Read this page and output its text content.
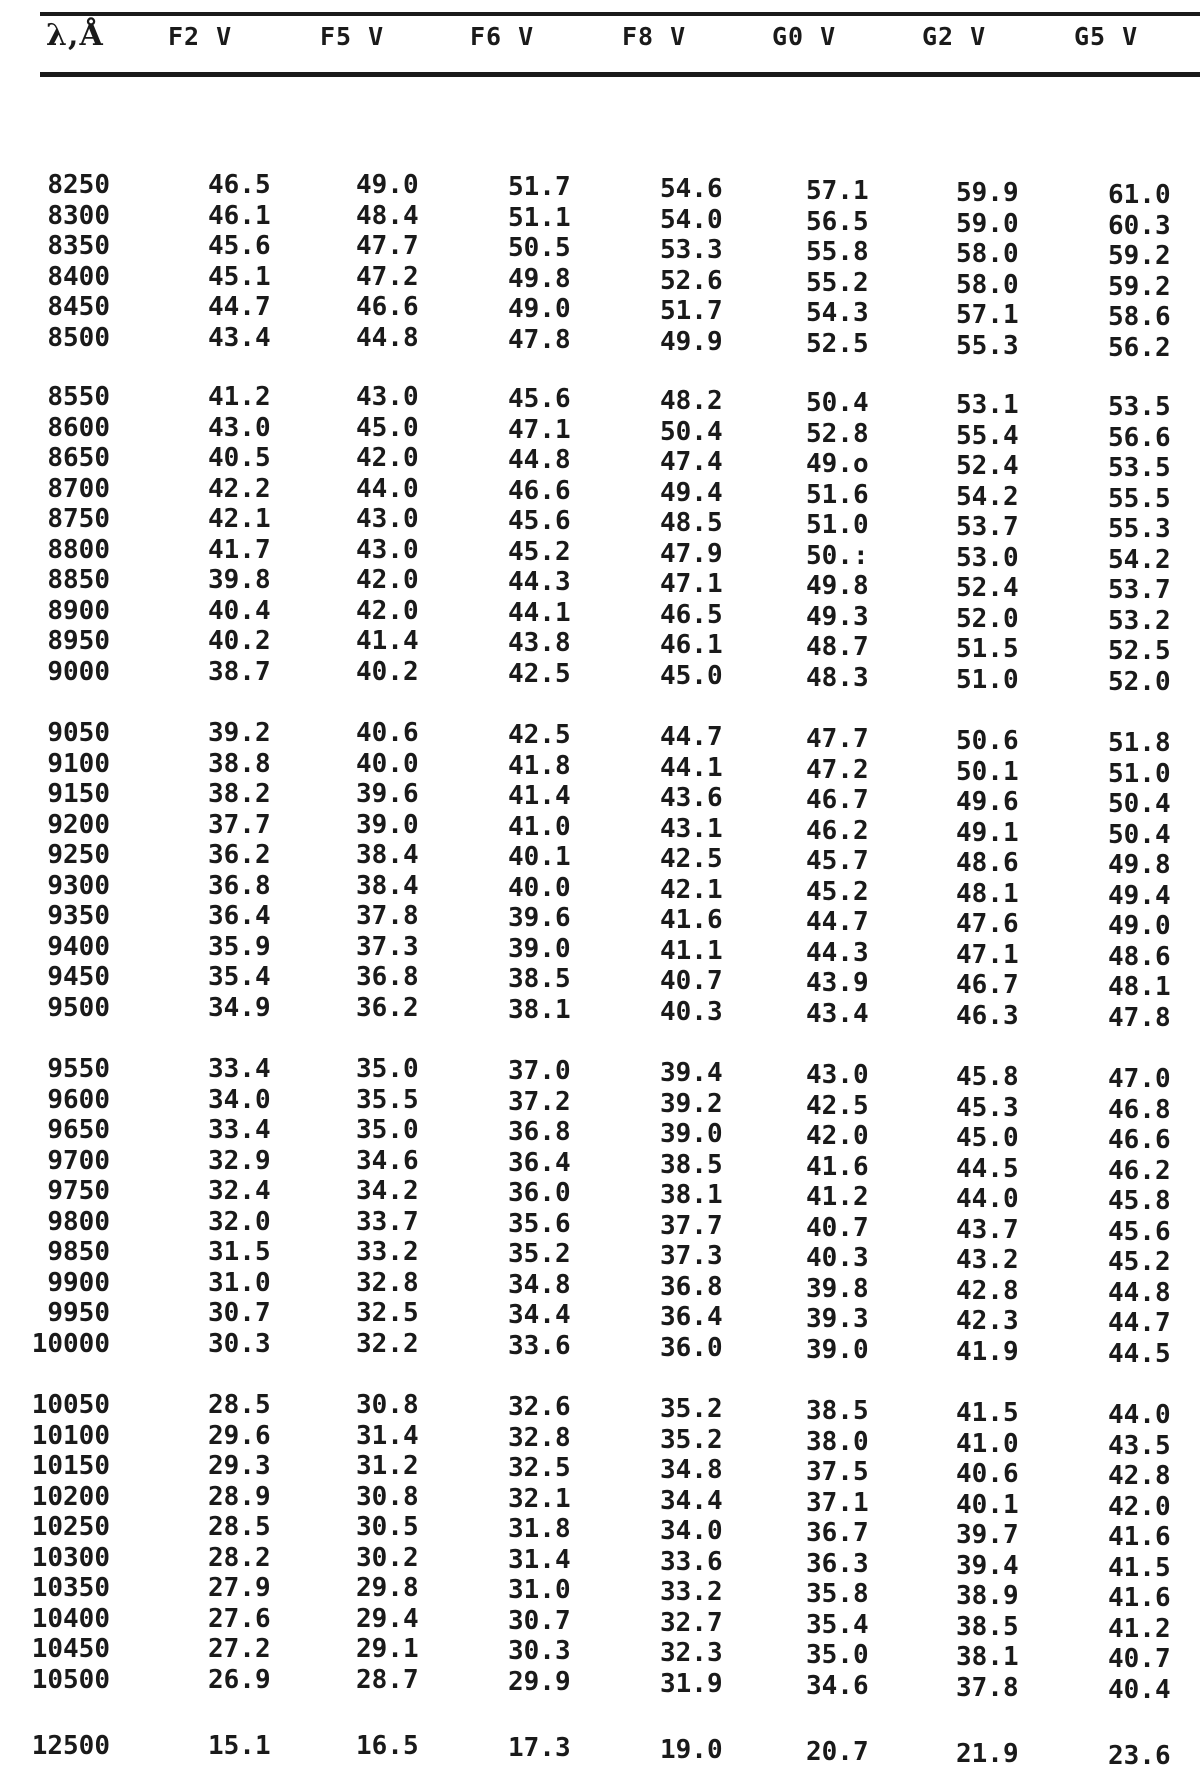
λ,Å	F2 V	F5 V	F6 V	F8 V	G0 V	G2 V	G5 V
8250	46.5	49.0	51.7	54.6	57.1	59.9	61.0
8300	46.1	48.4	51.1	54.0	56.5	59.0	60.3
8350	45.6	47.7	50.5	53.3	55.8	58.0	59.2
8400	45.1	47.2	49.8	52.6	55.2	58.0	59.2
8450	44.7	46.6	49.0	51.7	54.3	57.1	58.6
8500	43.4	44.8	47.8	49.9	52.5	55.3	56.2
8550	41.2	43.0	45.6	48.2	50.4	53.1	53.5
8600	43.0	45.0	47.1	50.4	52.8	55.4	56.6
8650	40.5	42.0	44.8	47.4	49.o	52.4	53.5
8700	42.2	44.0	46.6	49.4	51.6	54.2	55.5
8750	42.1	43.0	45.6	48.5	51.0	53.7	55.3
8800	41.7	43.0	45.2	47.9	50.:	53.0	54.2
8850	39.8	42.0	44.3	47.1	49.8	52.4	53.7
8900	40.4	42.0	44.1	46.5	49.3	52.0	53.2
8950	40.2	41.4	43.8	46.1	48.7	51.5	52.5
9000	38.7	40.2	42.5	45.0	48.3	51.0	52.0
9050	39.2	40.6	42.5	44.7	47.7	50.6	51.8
9100	38.8	40.0	41.8	44.1	47.2	50.1	51.0
9150	38.2	39.6	41.4	43.6	46.7	49.6	50.4
9200	37.7	39.0	41.0	43.1	46.2	49.1	50.4
9250	36.2	38.4	40.1	42.5	45.7	48.6	49.8
9300	36.8	38.4	40.0	42.1	45.2	48.1	49.4
9350	36.4	37.8	39.6	41.6	44.7	47.6	49.0
9400	35.9	37.3	39.0	41.1	44.3	47.1	48.6
9450	35.4	36.8	38.5	40.7	43.9	46.7	48.1
9500	34.9	36.2	38.1	40.3	43.4	46.3	47.8
9550	33.4	35.0	37.0	39.4	43.0	45.8	47.0
9600	34.0	35.5	37.2	39.2	42.5	45.3	46.8
9650	33.4	35.0	36.8	39.0	42.0	45.0	46.6
9700	32.9	34.6	36.4	38.5	41.6	44.5	46.2
9750	32.4	34.2	36.0	38.1	41.2	44.0	45.8
9800	32.0	33.7	35.6	37.7	40.7	43.7	45.6
9850	31.5	33.2	35.2	37.3	40.3	43.2	45.2
9900	31.0	32.8	34.8	36.8	39.8	42.8	44.8
9950	30.7	32.5	34.4	36.4	39.3	42.3	44.7
10000	30.3	32.2	33.6	36.0	39.0	41.9	44.5
10050	28.5	30.8	32.6	35.2	38.5	41.5	44.0
10100	29.6	31.4	32.8	35.2	38.0	41.0	43.5
10150	29.3	31.2	32.5	34.8	37.5	40.6	42.8
10200	28.9	30.8	32.1	34.4	37.1	40.1	42.0
10250	28.5	30.5	31.8	34.0	36.7	39.7	41.6
10300	28.2	30.2	31.4	33.6	36.3	39.4	41.5
10350	27.9	29.8	31.0	33.2	35.8	38.9	41.6
10400	27.6	29.4	30.7	32.7	35.4	38.5	41.2
10450	27.2	29.1	30.3	32.3	35.0	38.1	40.7
10500	26.9	28.7	29.9	31.9	34.6	37.8	40.4
12500	15.1	16.5	17.3	19.0	20.7	21.9	23.6
